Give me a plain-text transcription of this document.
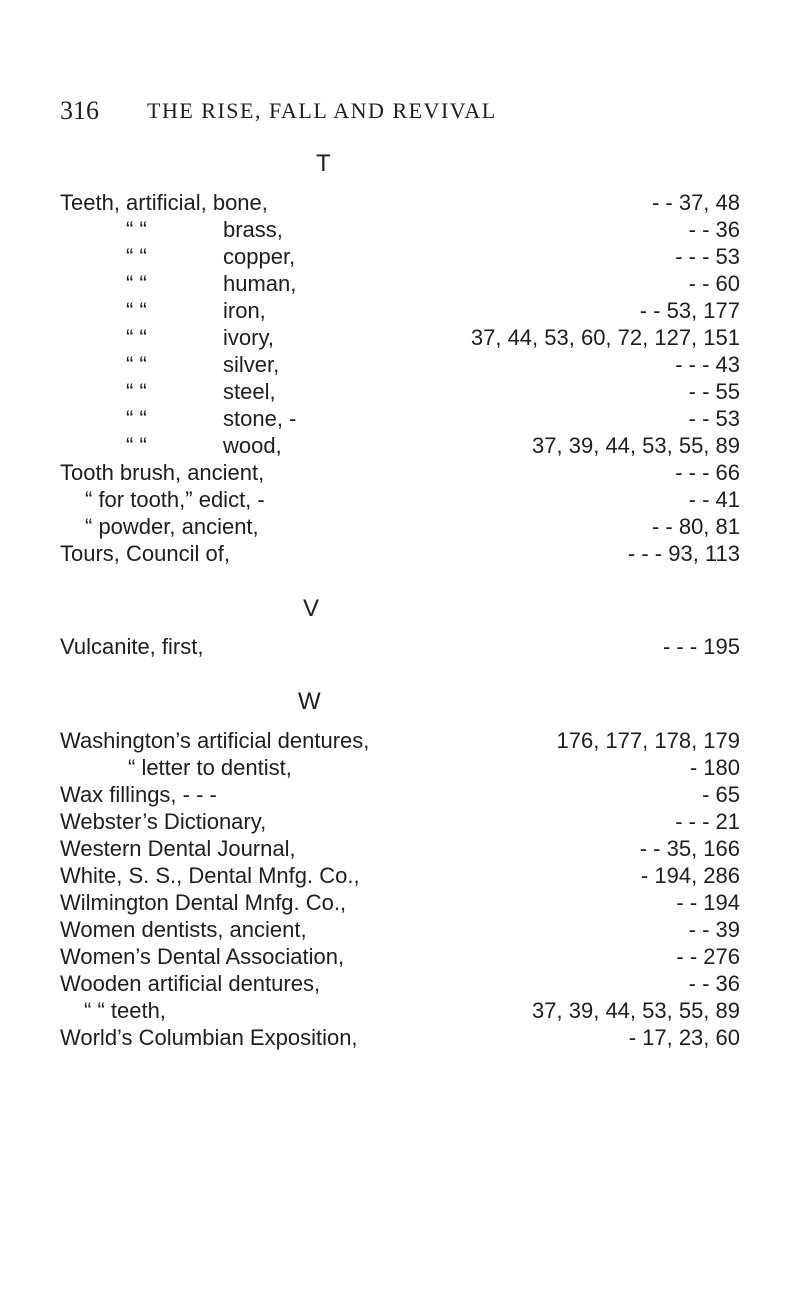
316 THE RISE, FALL AND REVIVAL
T
Teeth, artificial, bone,	- - 37, 48
“ “	brass,	- - 36
“ “	copper,	- - - 53
“ “	human,	- - 60
“ “	iron,	- - 53, 177
“ “	ivory,	37, 44, 53, 60, 72, 127, 151
“ “	silver,	- - - 43
“ “	steel,	- - 55
“ “	stone, -	- - 53
“ “	wood,	37, 39, 44, 53, 55, 89
Tooth brush, ancient,	- - - 66
“ for tooth,” edict, -	- - 41
“ powder, ancient,	- - 80, 81
Tours, Council of,	- - - 93, 113
V
Vulcanite, first,	- - - 195
W
Washington’s artificial dentures,	176, 177, 178, 179
“ letter to dentist,	- 180
Wax fillings, - - -	- 65
Webster’s Dictionary,	- - - 21
Western Dental Journal,	- - 35, 166
White, S. S., Dental Mnfg. Co.,	- 194, 286
Wilmington Dental Mnfg. Co.,	- - 194
Women dentists, ancient,	- - 39
Women’s Dental Association,	- - 276
Wooden artificial dentures,	- - 36
“ “ teeth,	37, 39, 44, 53, 55, 89
World’s Columbian Exposition,	- 17, 23, 60
